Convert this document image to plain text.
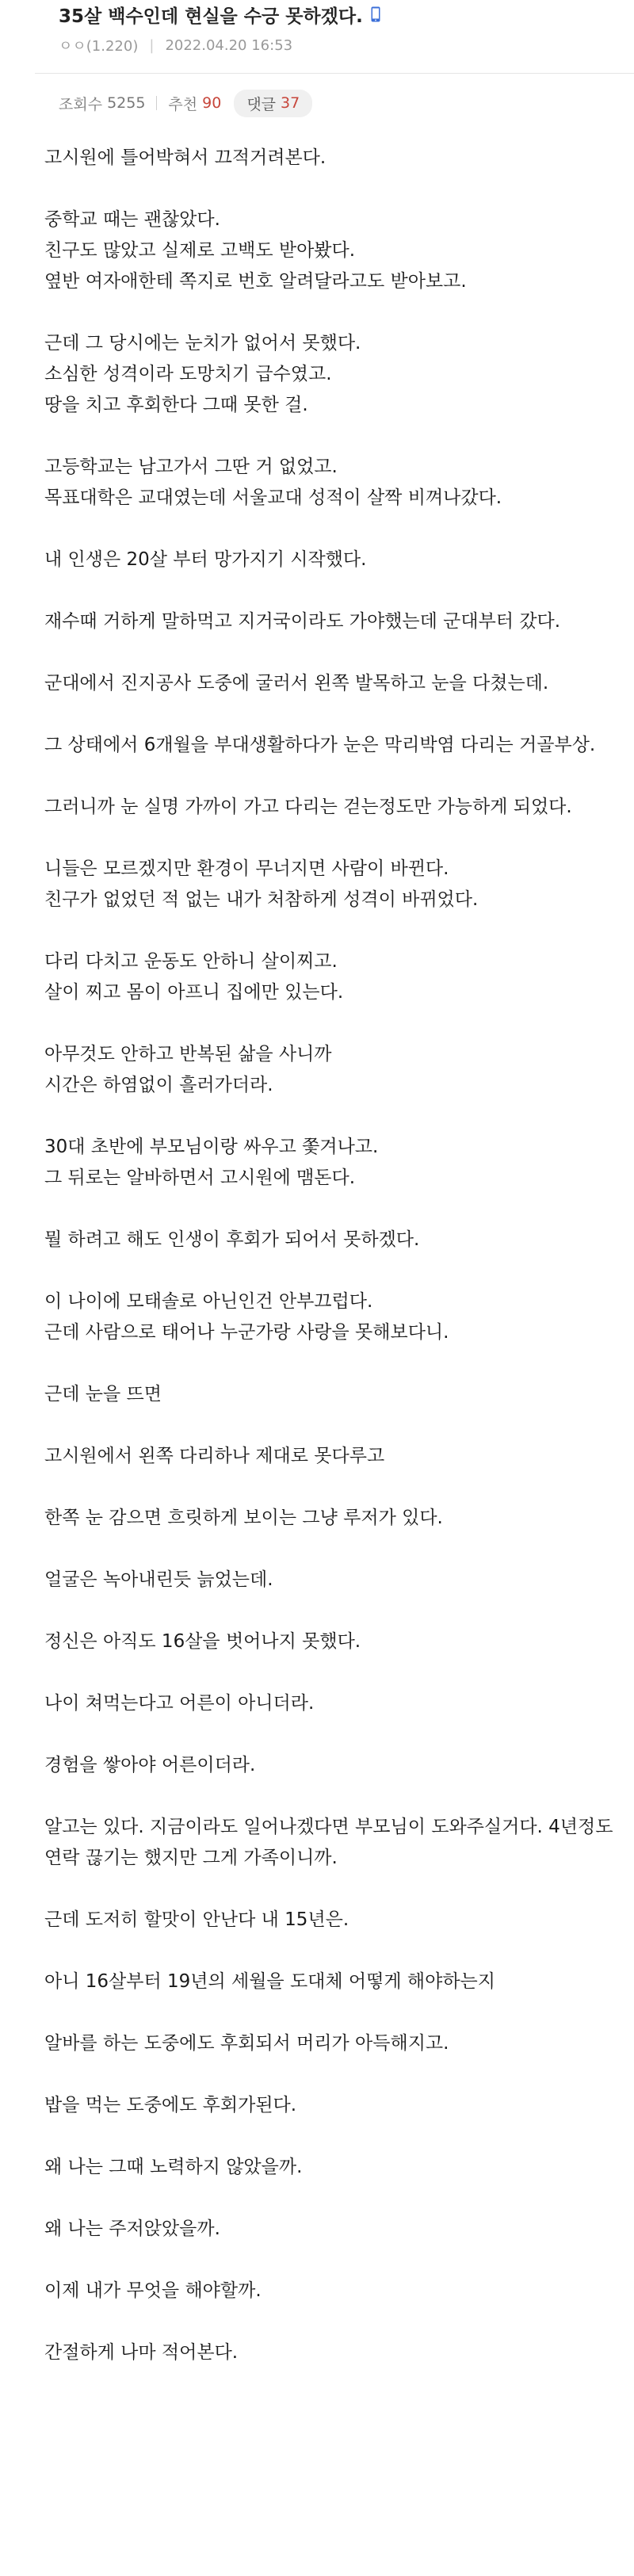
35살 백수인데 현실을 수긍 못하겠다.
ㅇㅇ(1.220) | 2022.04.20 16:53
조회수 5255 추천 90 댓글 37

고시원에 틀어박혀서 끄적거려본다.

중학교 때는 괜찮았다.
친구도 많았고 실제로 고백도 받아봤다.
옆반 여자애한테 쪽지로 번호 알려달라고도 받아보고.

근데 그 당시에는 눈치가 없어서 못했다.
소심한 성격이라 도망치기 급수였고.
땅을 치고 후회한다 그때 못한 걸.

고등학교는 남고가서 그딴 거 없었고.
목표대학은 교대였는데 서울교대 성적이 살짝 비껴나갔다.

내 인생은 20살 부터 망가지기 시작했다.

재수때 거하게 말하먹고 지거국이라도 가야했는데 군대부터 갔다.

군대에서 진지공사 도중에 굴러서 왼쪽 발목하고 눈을 다쳤는데.

그 상태에서 6개월을 부대생활하다가 눈은 막리박염 다리는 거골부상.

그러니까 눈 실명 가까이 가고 다리는 걷는정도만 가능하게 되었다.

니들은 모르겠지만 환경이 무너지면 사람이 바뀐다.
친구가 없었던 적 없는 내가 처참하게 성격이 바뀌었다.

다리 다치고 운동도 안하니 살이찌고.
살이 찌고 몸이 아프니 집에만 있는다.

아무것도 안하고 반복된 삶을 사니까
시간은 하염없이 흘러가더라.

30대 초반에 부모님이랑 싸우고 쫓겨나고.
그 뒤로는 알바하면서 고시원에 맴돈다.

뭘 하려고 해도 인생이 후회가 되어서 못하겠다.

이 나이에 모태솔로 아닌인건 안부끄럽다.
근데 사람으로 태어나 누군가랑 사랑을 못해보다니.

근데 눈을 뜨면

고시원에서 왼쪽 다리하나 제대로 못다루고

한쪽 눈 감으면 흐릿하게 보이는 그냥 루저가 있다.

얼굴은 녹아내린듯 늙었는데.

정신은 아직도 16살을 벗어나지 못했다.

나이 쳐먹는다고 어른이 아니더라.

경험을 쌓아야 어른이더라.

알고는 있다. 지금이라도 일어나겠다면 부모님이 도와주실거다. 4년정도 연락 끊기는 했지만 그게 가족이니까.

근데 도저히 할맛이 안난다 내 15년은.

아니 16살부터 19년의 세월을 도대체 어떻게 해야하는지

알바를 하는 도중에도 후회되서 머리가 아득해지고.

밥을 먹는 도중에도 후회가된다.

왜 나는 그때 노력하지 않았을까.

왜 나는 주저앉았을까.

이제 내가 무엇을 해야할까.

간절하게 나마 적어본다.
